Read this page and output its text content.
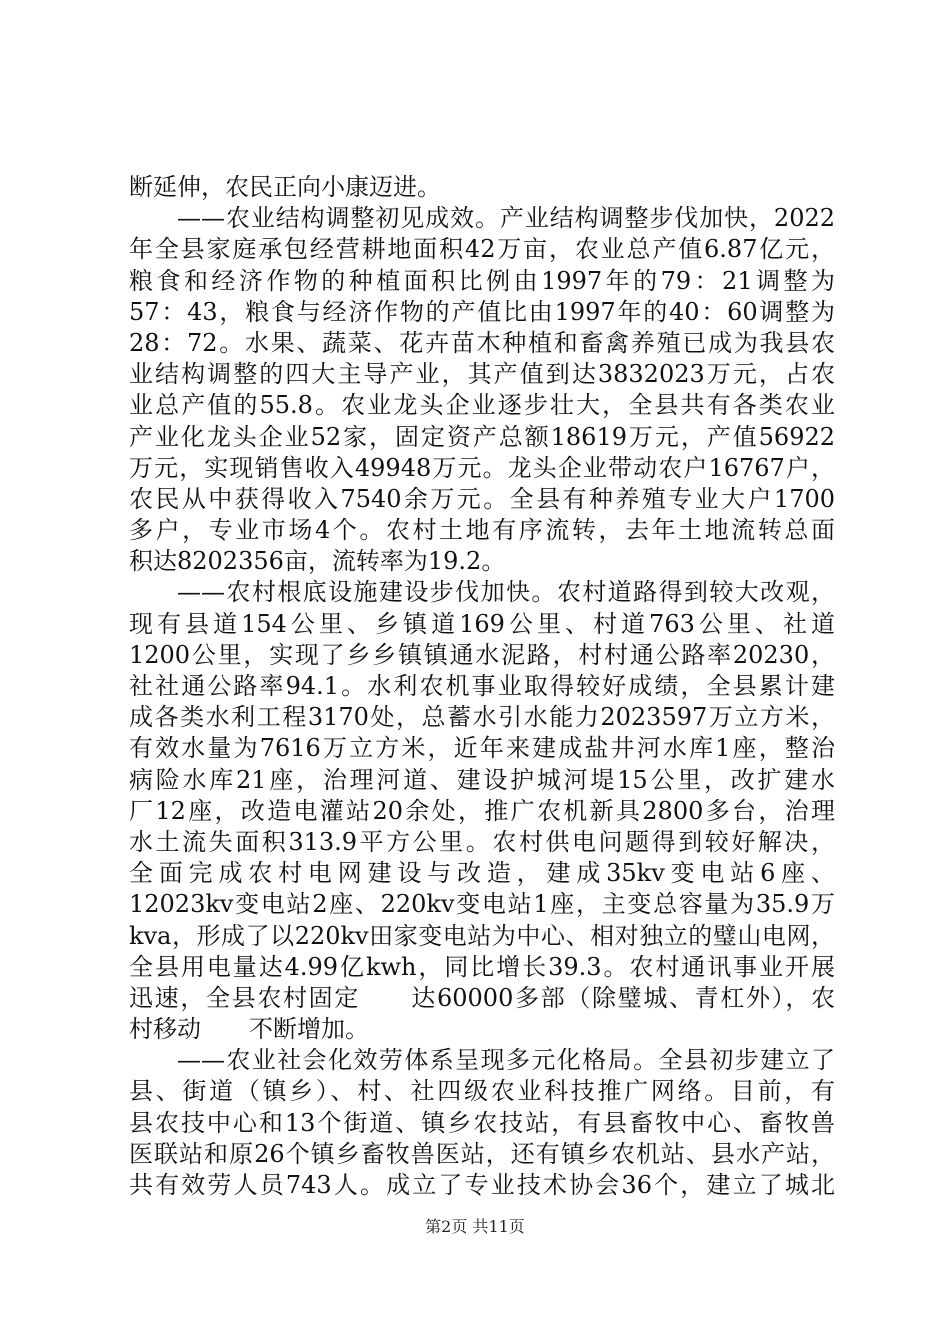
断延伸，农民正向小康迈进。
——农业结构调整初见成效。产业结构调整步伐加快，2022
年全县家庭承包经营耕地面积42万亩，农业总产值6.87亿元，
粮食和经济作物的种植面积比例由1997年的79：21调整为
57：43，粮食与经济作物的产值比由1997年的40：60调整为
28：72。水果、蔬菜、花卉苗木种植和畜禽养殖已成为我县农
业结构调整的四大主导产业，其产值到达3832023万元，占农
业总产值的55.8。农业龙头企业逐步壮大，全县共有各类农业
产业化龙头企业52家，固定资产总额18619万元，产值56922
万元，实现销售收入49948万元。龙头企业带动农户16767户，
农民从中获得收入7540余万元。全县有种养殖专业大户1700
多户，专业市场4个。农村土地有序流转，去年土地流转总面
积达8202356亩，流转率为19.2。
——农村根底设施建设步伐加快。农村道路得到较大改观，
现有县道154公里、乡镇道169公里、村道763公里、社道
1200公里，实现了乡乡镇镇通水泥路，村村通公路率20230，
社社通公路率94.1。水利农机事业取得较好成绩，全县累计建
成各类水利工程3170处，总蓄水引水能力2023597万立方米，
有效水量为7616万立方米，近年来建成盐井河水库1座，整治
病险水库21座，治理河道、建设护城河堤15公里，改扩建水
厂12座，改造电灌站20余处，推广农机新具2800多台，治理
水土流失面积313.9平方公里。农村供电问题得到较好解决，
全面完成农村电网建设与改造，建成35kv变电站6座、
12023kv变电站2座、220kv变电站1座，主变总容量为35.9万
kva，形成了以220kv田家变电站为中心、相对独立的璧山电网，
全县用电量达4.99亿kwh，同比增长39.3。农村通讯事业开展
迅速，全县农村固定　　达60000多部（除璧城、青杠外），农
村移动　　不断增加。
——农业社会化效劳体系呈现多元化格局。全县初步建立了
县、街道（镇乡）、村、社四级农业科技推广网络。目前，有
县农技中心和13个街道、镇乡农技站，有县畜牧中心、畜牧兽
医联站和原26个镇乡畜牧兽医站，还有镇乡农机站、县水产站，
共有效劳人员743人。成立了专业技术协会36个，建立了城北
第2页 共11页
